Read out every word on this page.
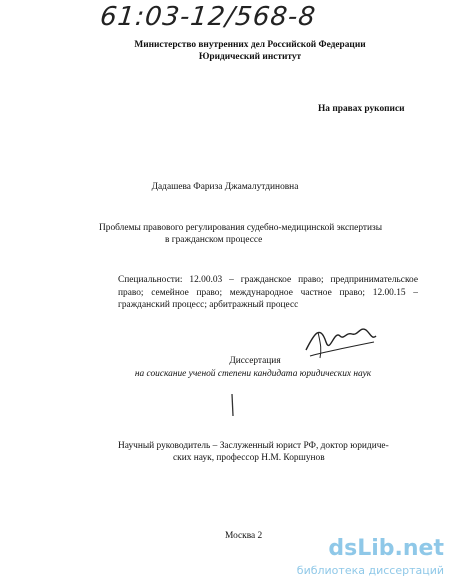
61:03-12/568-8
Министерство внутренних дел Российской Федерации
Юридический институт
На правах рукописи
Дадашева Фариза Джамалутдиновна
Проблемы правового регулирования судебно-медицинской экспертизы
в гражданском процессе
Специальности: 12.00.03 – гражданское право; предпринимательское право; семейное право; международное частное право; 12.00.15 – гражданский процесс; арбитражный процесс
Диссертация
на соискание ученой степени кандидата юридических наук
Научный руководитель – Заслуженный юрист РФ, доктор юридиче-
ских наук, профессор Н.М. Коршунов
Москва 2	dsLib.net
библиотека диссертаций
